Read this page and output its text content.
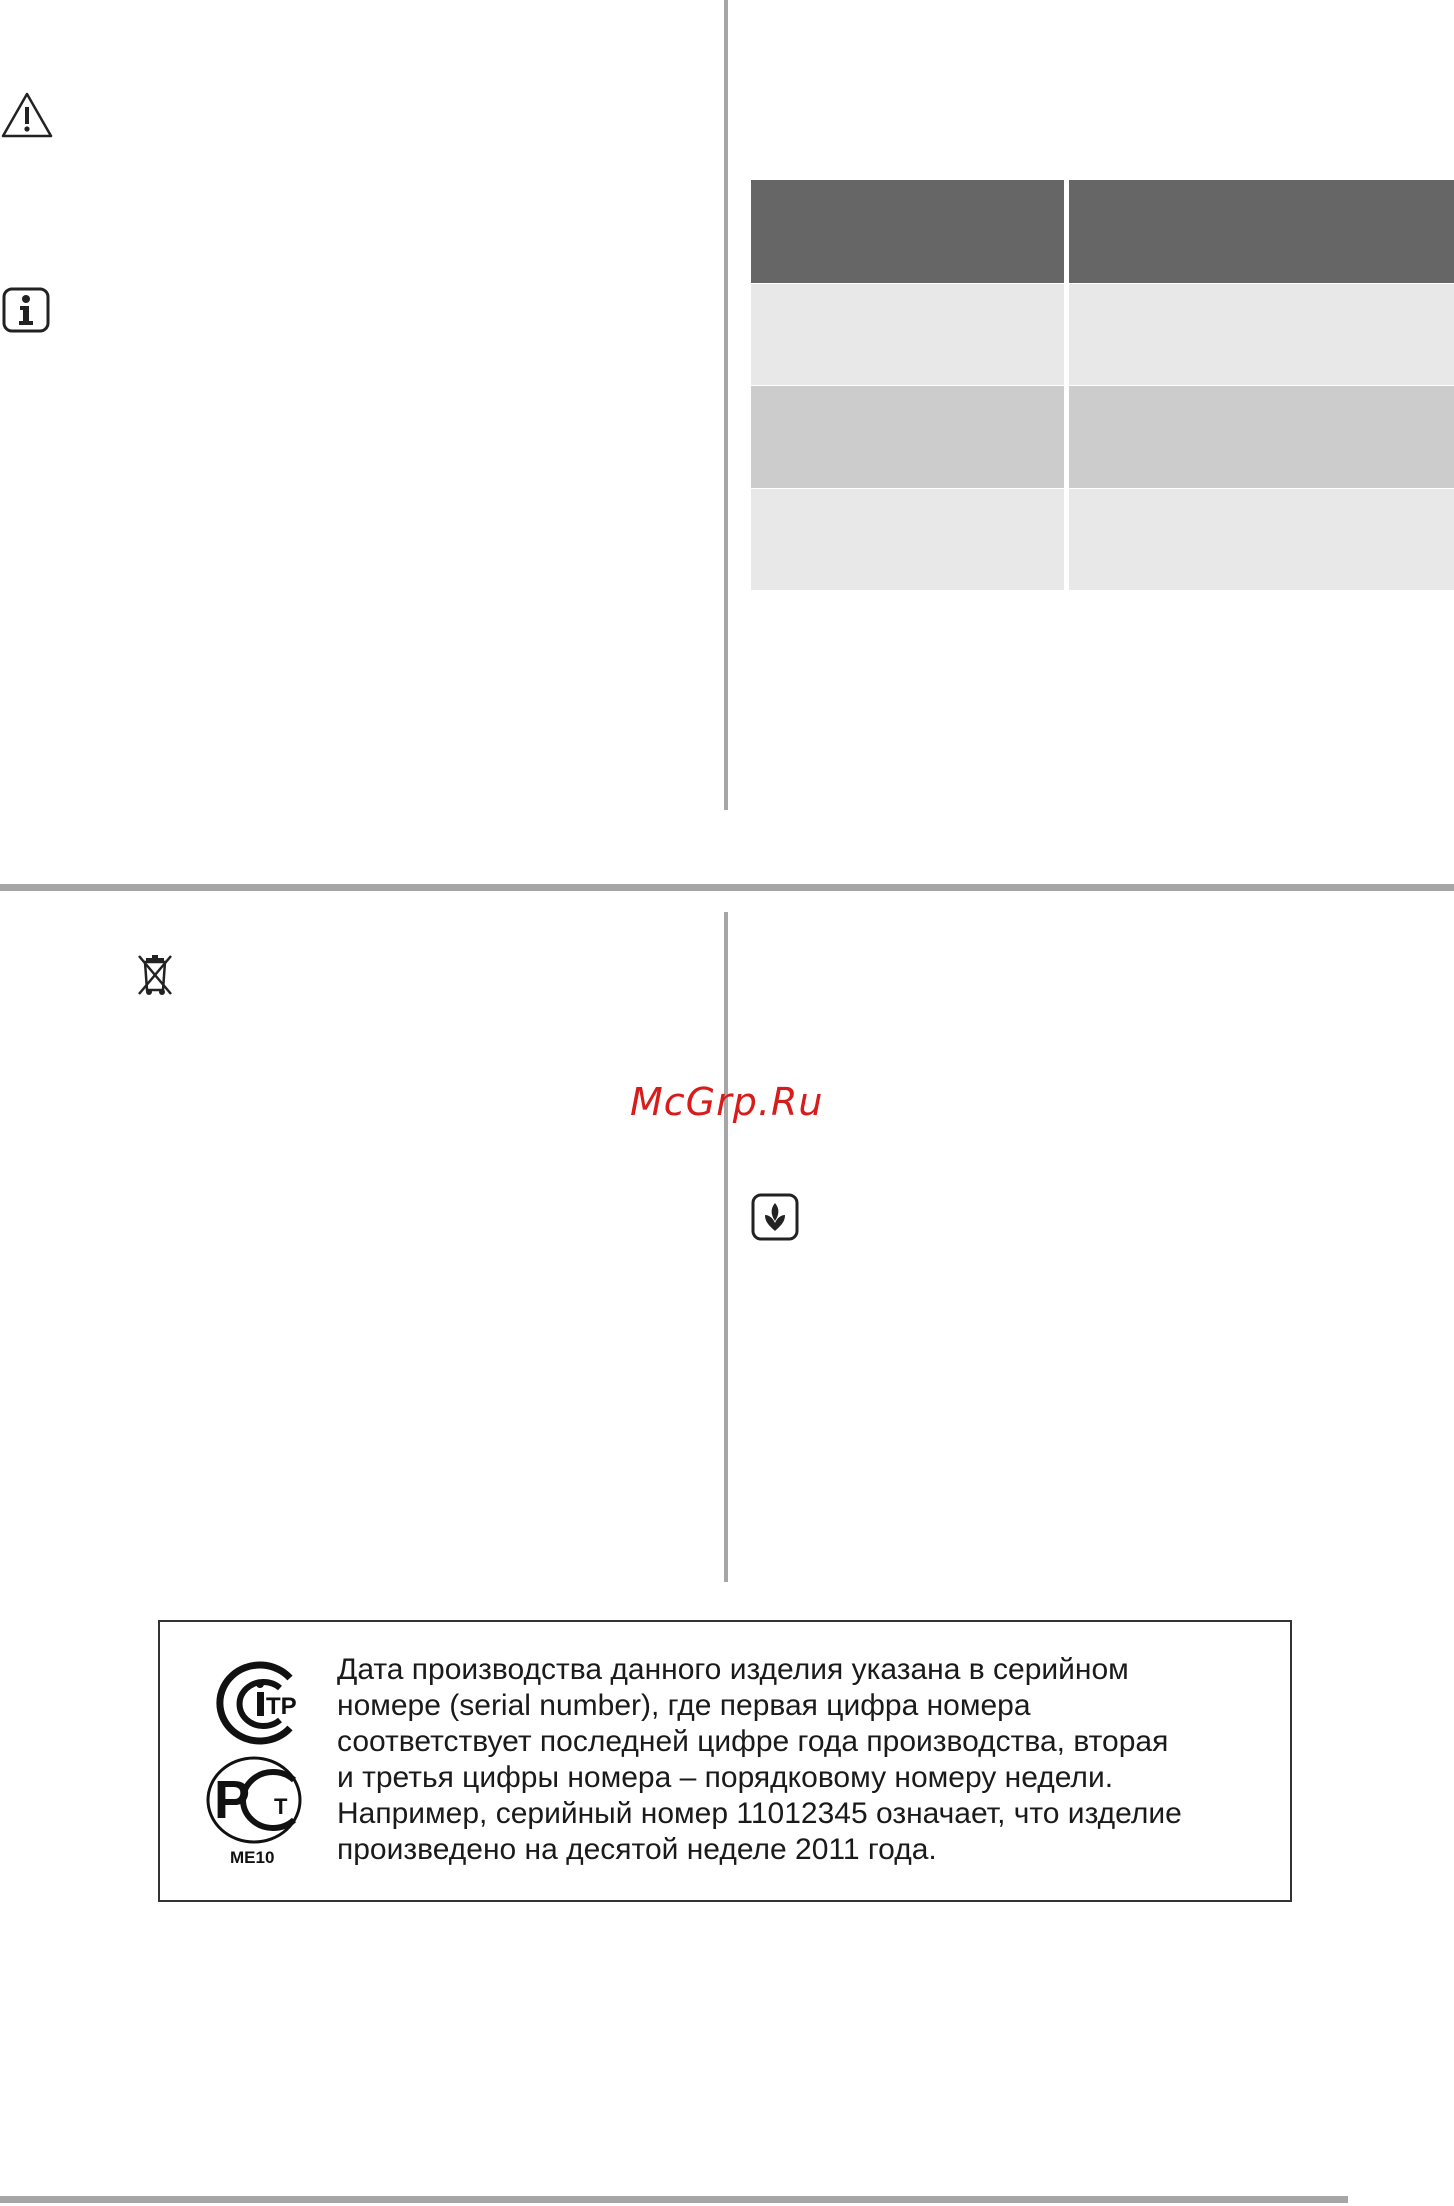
McGrp.Ru
ТР
Р Т
ME10
Дата производства данного изделия указана в серийном
номере (serial number), где первая цифра номера
соответствует последней цифре года производства, вторая
и третья цифры номера – порядковому номеру недели.
Например, серийный номер 11012345 означает, что изделие
произведено на десятой неделе 2011 года.
